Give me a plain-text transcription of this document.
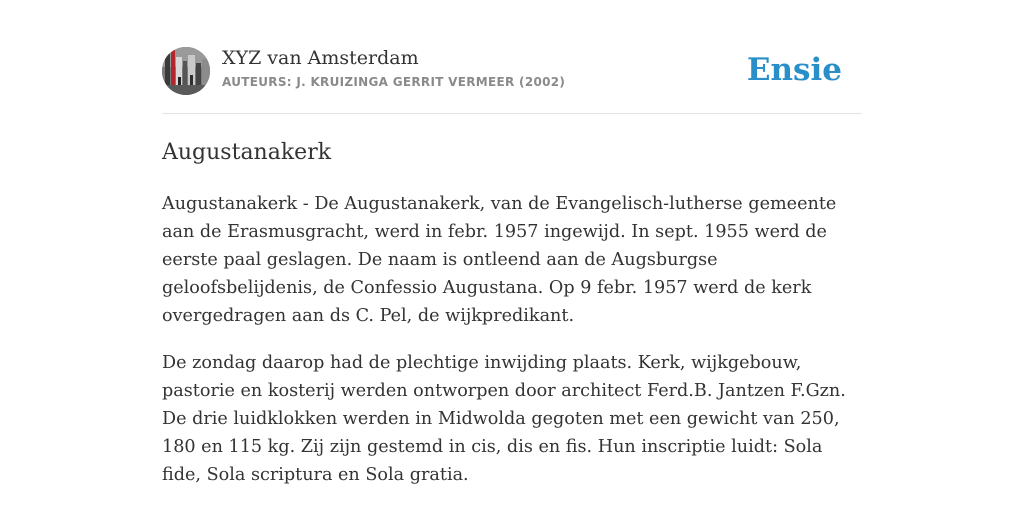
XYZ van Amsterdam
AUTEURS: J. KRUIZINGA GERRIT VERMEER (2002)	Ensie
Augustanakerk

Augustanakerk - De Augustanakerk, van de Evangelisch-lutherse gemeente aan de Erasmusgracht, werd in febr. 1957 ingewijd. In sept. 1955 werd de eerste paal geslagen. De naam is ontleend aan de Augsburgse geloofsbelijdenis, de Confessio Augustana. Op 9 febr. 1957 werd de kerk overgedragen aan ds C. Pel, de wijkpredikant.

De zondag daarop had de plechtige inwijding plaats. Kerk, wijkgebouw, pastorie en kosterij werden ontworpen door architect Ferd.B. Jantzen F.Gzn. De drie luidklokken werden in Midwolda gegoten met een gewicht van 250, 180 en 115 kg. Zij zijn gestemd in cis, dis en fis. Hun inscriptie luidt: Sola fide, Sola scriptura en Sola gratia.
